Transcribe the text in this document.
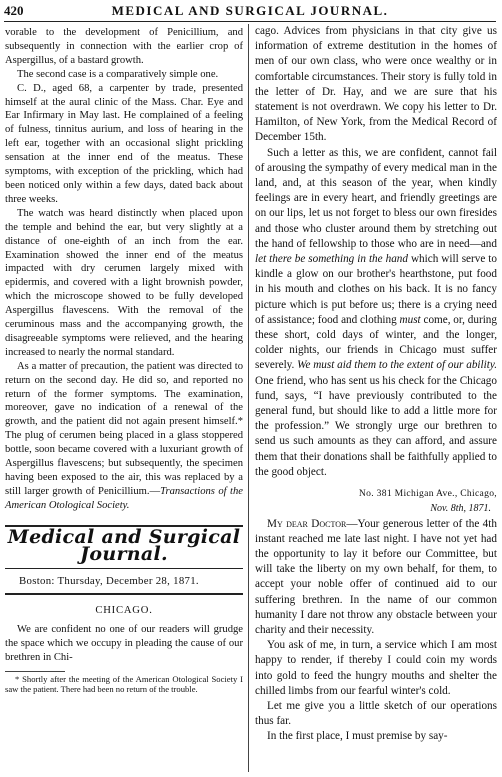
420	MEDICAL AND SURGICAL JOURNAL.

vorable to the development of Penicillium, and subsequently in connection with the earlier crop of Aspergillus, of a bastard growth.

The second case is a comparatively simple one.

C. D., aged 68, a carpenter by trade, presented himself at the aural clinic of the Mass. Char. Eye and Ear Infirmary in May last. He complained of a feeling of fulness, tinnitus aurium, and loss of hearing in the left ear, together with an occasional slight prickling sensation at the inner end of the meatus. These symptoms, with exception of the prickling, which had been noticed only within a few days, dated back about three weeks.

The watch was heard distinctly when placed upon the temple and behind the ear, but very slightly at a distance of one-eighth of an inch from the ear. Examination showed the inner end of the meatus impacted with dry cerumen largely mixed with epidermis, and covered with a light brownish powder, which the microscope showed to be fully developed Aspergillus flavescens. With the removal of the ceruminous mass and the accompanying growth, the disagreeable symptoms were relieved, and the hearing increased to nearly the normal standard.

As a matter of precaution, the patient was directed to return on the second day. He did so, and reported no return of the former symptoms. The examination, moreover, gave no indication of a renewal of the growth, and the patient did not again present himself.* The plug of cerumen being placed in a glass stoppered bottle, soon became covered with a luxuriant growth of Aspergillus flavescens; but subsequently, the specimen having been exposed to the air, this was replaced by a still larger growth of Penicillium.—Transactions of the American Otological Society.

Medical and Surgical Journal.
Boston: Thursday, December 28, 1871.
CHICAGO.

We are confident no one of our readers will grudge the space which we occupy in pleading the cause of our brethren in Chi-

* Shortly after the meeting of the American Otological Society I saw the patient. There had been no return of the trouble.

cago. Advices from physicians in that city give us information of extreme destitution in the homes of men of our own class, who were once wealthy or in comfortable circumstances. Their story is fully told in the letter of Dr. Hay, and we are sure that his statement is not overdrawn. We copy his letter to Dr. Hamilton, of New York, from the Medical Record of December 15th.

Such a letter as this, we are confident, cannot fail of arousing the sympathy of every medical man in the land, and, at this season of the year, when kindly feelings are in every heart, and friendly greetings are on our lips, let us not forget to bless our own firesides and those who cluster around them by stretching out the hand of fellowship to those who are in need—and let there be something in the hand which will serve to kindle a glow on our brother's hearthstone, put food in his mouth and clothes on his back. It is no fancy picture which is put before us; there is a crying need of assistance; food and clothing must come, or, during these short, cold days of winter, and the longer, colder nights, our friends in Chicago must suffer severely. We must aid them to the extent of our ability. One friend, who has sent us his check for the Chicago fund, says, “I have previously contributed to the general fund, but should like to add a little more for the profession.” We strongly urge our brethren to send us such amounts as they can afford, and assure them that their donations shall be faithfully applied to the good object.

No. 381 Michigan Ave., Chicago,
Nov. 8th, 1871.

My dear Doctor—Your generous letter of the 4th instant reached me late last night. I have not yet had the opportunity to lay it before our Committee, but will take the liberty on my own behalf, for them, to accept your noble offer of continued aid to our suffering brethren. In the name of our common humanity I dare not throw any obstacle between your charity and their necessity.

You ask of me, in turn, a service which I am most happy to render, if thereby I could coin my words into gold to feed the hungry mouths and shelter the chilled limbs from our fearful winter's cold.

Let me give you a little sketch of our operations thus far.

In the first place, I must premise by say-
